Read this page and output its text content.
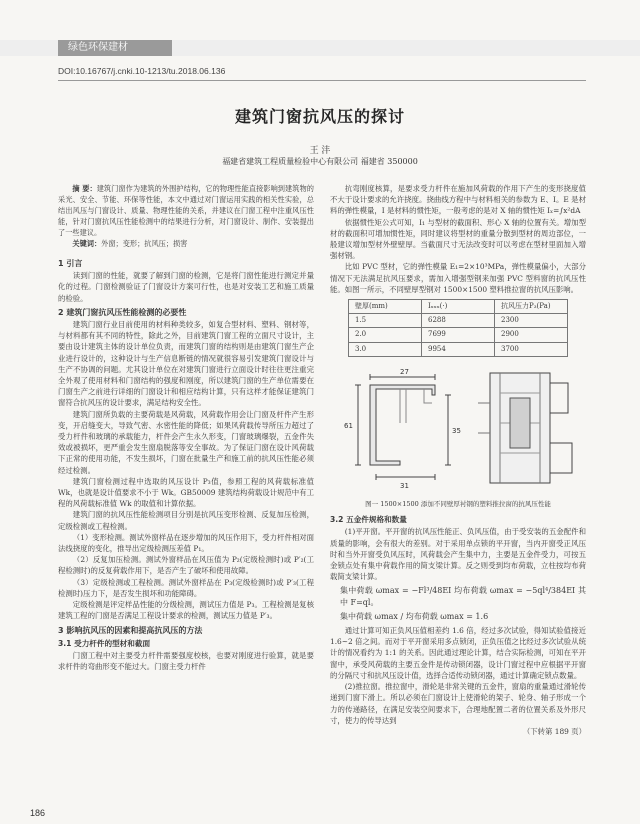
绿色环保建材
DOI:10.16767/j.cnki.10-1213/tu.2018.06.136
建筑门窗抗风压的探讨
王 沣
福建省建筑工程质量检验中心有限公司 福建省 350000

摘 要：建筑门窗作为建筑的外围护结构，它的物理性能直接影响到建筑物的采光、安全、节能、环保等性能，本文中通过对门窗运用实践的相关性实验，总结出风压与门窗设计、质量、物理性能的关系，并建议在门窗工程中注重风压性能，针对门窗抗风压性能检测中的结果进行分析，对门窗设计、制作、安装提出了一些建议。

关键词：外窗；变形；抗风压；损害

1 引言

读到门窗的性能，就要了解到门窗的检测，它是将门窗性能进行测定并量化的过程。门窗检测验证了门窗设计方案可行性，也是对安装工艺和施工质量的检验。

2 建筑门窗抗风压性能检测的必要性

建筑门窗行业目前使用的材料种类较多，如复合型材料、塑料、钢材等，与材料都有其不同的特性，除此之外，目前建筑门窗工程的立面尺寸设计，主要由设计建筑主体的设计单位负责，而建筑门窗的结构则是由建筑门窗生产企业进行设计的，这种设计与生产信息断链的情况就很容易引发建筑门窗设计与生产不协调的问题。尤其设计单位在对建筑门窗进行立面设计时往往更注重完全外观了使用材料和门窗结构的强度和刚度，所以建筑门窗的生产单位需要在门窗生产之前进行详细的门窗设计和相应结构计算，只有这样才能保证建筑门窗符合抗风压的设计要求，满足结构安全性。

建筑门窗所负载的主要荷载是风荷载，风荷载作用会让门窗及杆件产生形变，开启缝变大，导致气密、水密性能的降低；如果风荷载传导所压力超过了受力杆件和玻璃的承载能力，杆件会产生永久形变，门窗玻璃爆裂，五金件失效或被损坏，更严重会发生窗扇脱落等安全事故。为了保证门窗在设计风荷载下正常的使用功能，不发生损坏，门窗在批量生产和施工前的抗风压性能必须经过检测。

建筑门窗检测过程中选取的风压设计 P₃值，参照工程的风荷载标准值 Wk，也就是设计值要求不小于 Wk。GB50009 建筑结构荷载设计规范中有工程的风荷载标准值 Wk 的取值和计算依据。

建筑门窗的抗风压性能检测项目分别是抗风压变形检测、反复加压检测，定级检测或工程检测。

（1）变形检测。测试外窗样品在逐步增加的风压作用下，受力杆件相对面法线挠度的变化，推导出定级检测压差值 P₁。

（2）反复加压检测。测试外窗样品在风压值为 P₂(定级检测时)或 P′₂(工程检测时)的反复荷载作用下，是否产生了破坏和使用故障。

（3）定级检测或工程检测。测试外窗样品在 P₃(定级检测时)或 P′₃(工程检测时)压力下，是否发生损坏和功能障碍。

定级检测是评定样品性能的分级检测，测试压力值是 P₃。工程检测是复核建筑工程的门窗是否满足工程设计要求的检测，测试压力值是 P′₃。

3 影响抗风压的因素和提高抗风压的方法
3.1 受力杆件的型材和截面

门窗工程中对主要受力杆件需要强度校核，也要对刚度进行验算，就是要求杆件的弯曲形变不能过大。门窗主受力杆件

抗弯刚度核算，是要求受力杆件在施加风荷载的作用下产生的变形挠度值不大于设计要求的允许挠度。挠曲线方程中与材料相关的参数为 E、I。E 是材料的弹性模量，I 是材料的惯性矩，一般考虑的是对 X 轴的惯性矩 Iₓ=∫x²dA

依据惯性矩公式可知，I₁ 与型材的截面积、形心 X 轴的位置有关。增加型材的截面积可增加惯性矩，同时建议将型材的重量分散到型材的周边部位，一般建议增加型材外壁壁厚。当截面尺寸无法改变时可以考虑在型材里面加入增强材钢。

比如 PVC 型材，它的弹性模量 E₁=2×10³MPa，弹性模量偏小，大部分情况下无法满足抗风压要求，需加入增强型钢来加强 PVC 型料窗的抗风压性能。如图一所示，不同壁厚型钢对 1500×1500 塑料推拉窗的抗风压影响。

壁厚(mm)	Iₓₓₓ(·)	抗风压力P₃(Pa)
1.5	6288	2300
2.0	7699	2900
3.0	9954	3700
27
61
35
31
图一 1500×1500 添加不同壁厚衬钢的塑料推拉窗的抗风压性能
3.2 五金件规格和数量

(1)平开窗。平开窗的抗风压性能正、负风压值，由于受安装的五金配件和质量的影响，会有很大的差别。对于采用单点锁的平开窗，当内开窗受正风压时和当外开窗受负风压时，风荷载会产生集中力，主要是五金件受力，可按五金锁点处有集中荷载作用的简支梁计算。反之则受到均布荷载，立柱按均布荷载简支梁计算。

集中荷载 ωmax = −Fl³/48EI 均布荷载 ωmax = −5ql⁴/384EI 其中 F=ql。

集中荷载 ωmax / 均布荷载 ωmax = 1.6

通过计算可知正负风压值相差约 1.6 倍，经过多次试验，得知试验值接近 1.6~2 倍之间。而对于平开窗采用多点锁闭，正负压值之比经过多次试验从统计的情况看约为 1:1 的关系。因此通过理论计算，结合实际检测，可知在平开窗中，承受风荷载的主要五金件是传动锁闭器，设计门窗过程中应根据平开窗的分隔尺寸和抗风压设计值，选择合适传动锁闭器，通过计算确定锁点数量。

(2)推拉窗。推拉窗中，滑轮是非常关键的五金件，窗扇的重量通过滑轮传递到门窗下滑上。所以必须在门窗设计上使滑轮的架子、轮身、轴子形成一个力的传递路径，在满足安装空间要求下，合理地配置二者的位置关系及外形尺寸，使力的传导达到

（下转第 189 页）

186
